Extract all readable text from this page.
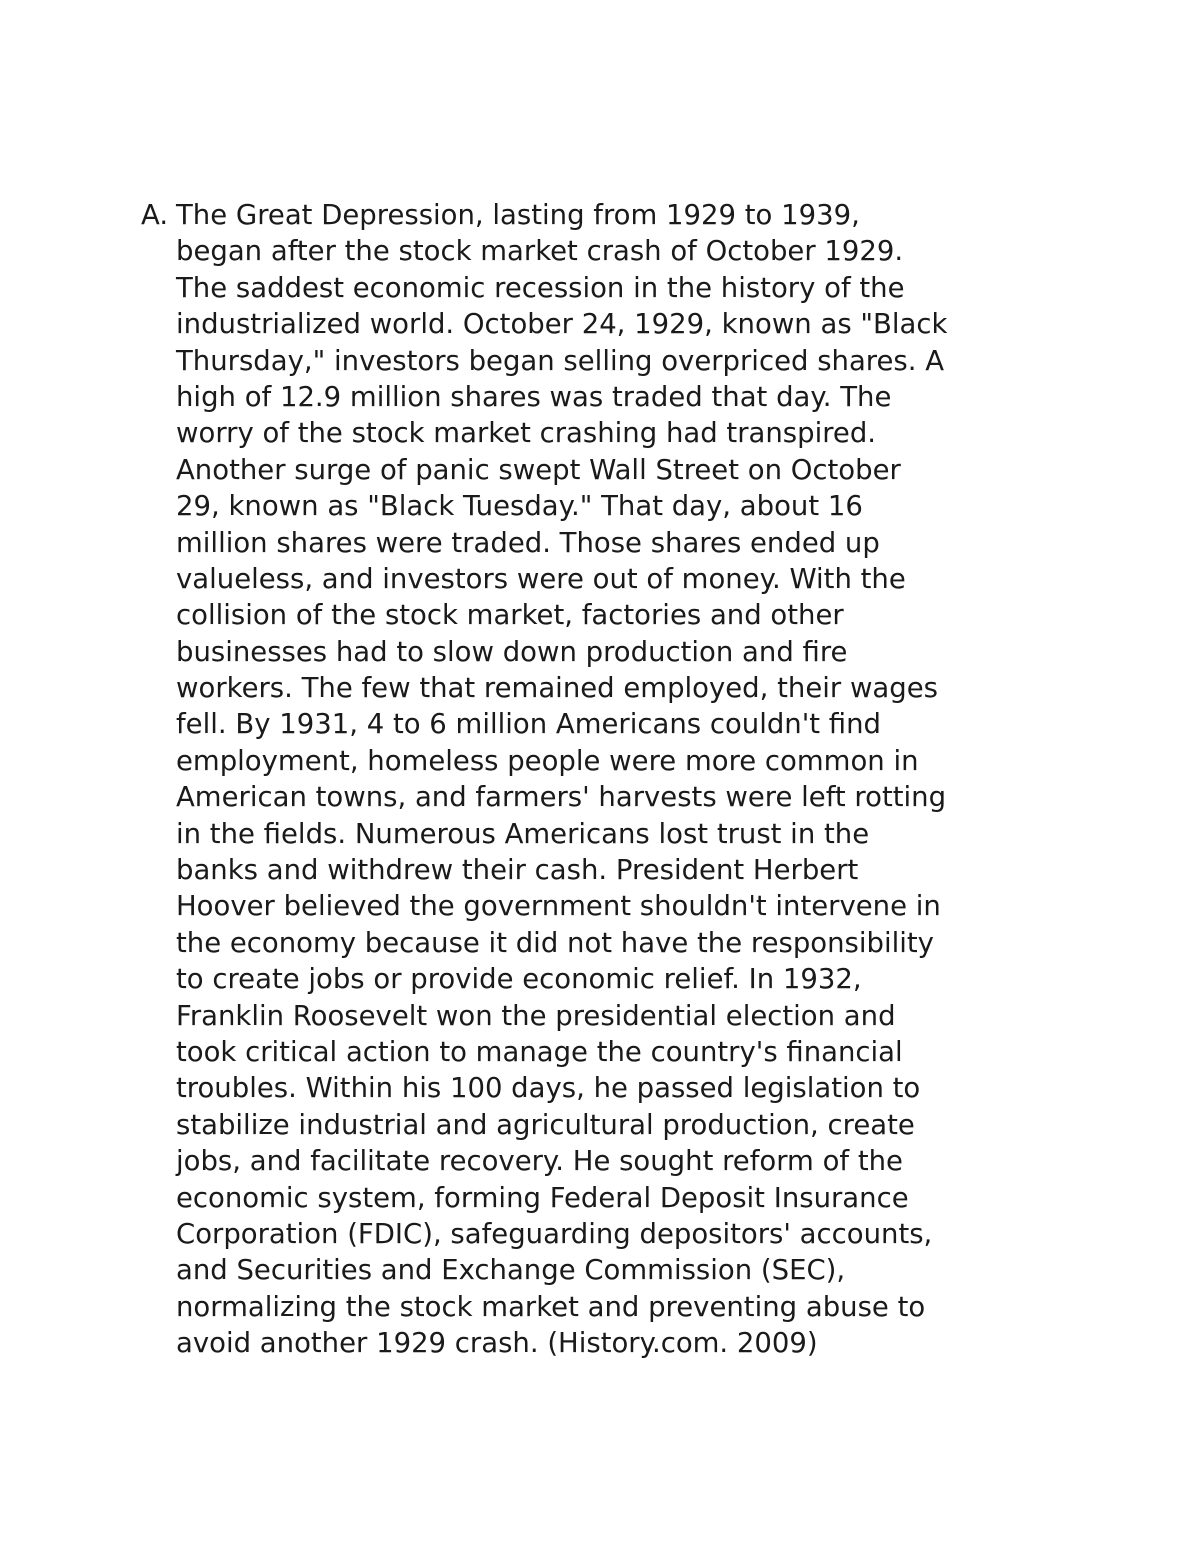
A. The Great Depression, lasting from 1929 to 1939,
began after the stock market crash of October 1929.
The saddest economic recession in the history of the
industrialized world. October 24, 1929, known as "Black
Thursday," investors began selling overpriced shares. A
high of 12.9 million shares was traded that day. The
worry of the stock market crashing had transpired.
Another surge of panic swept Wall Street on October
29, known as "Black Tuesday." That day, about 16
million shares were traded. Those shares ended up
valueless, and investors were out of money. With the
collision of the stock market, factories and other
businesses had to slow down production and fire
workers. The few that remained employed, their wages
fell. By 1931, 4 to 6 million Americans couldn't find
employment, homeless people were more common in
American towns, and farmers' harvests were left rotting
in the fields. Numerous Americans lost trust in the
banks and withdrew their cash. President Herbert
Hoover believed the government shouldn't intervene in
the economy because it did not have the responsibility
to create jobs or provide economic relief. In 1932,
Franklin Roosevelt won the presidential election and
took critical action to manage the country's financial
troubles. Within his 100 days, he passed legislation to
stabilize industrial and agricultural production, create
jobs, and facilitate recovery. He sought reform of the
economic system, forming Federal Deposit Insurance
Corporation (FDIC), safeguarding depositors' accounts,
and Securities and Exchange Commission (SEC),
normalizing the stock market and preventing abuse to
avoid another 1929 crash. (History.com. 2009)
